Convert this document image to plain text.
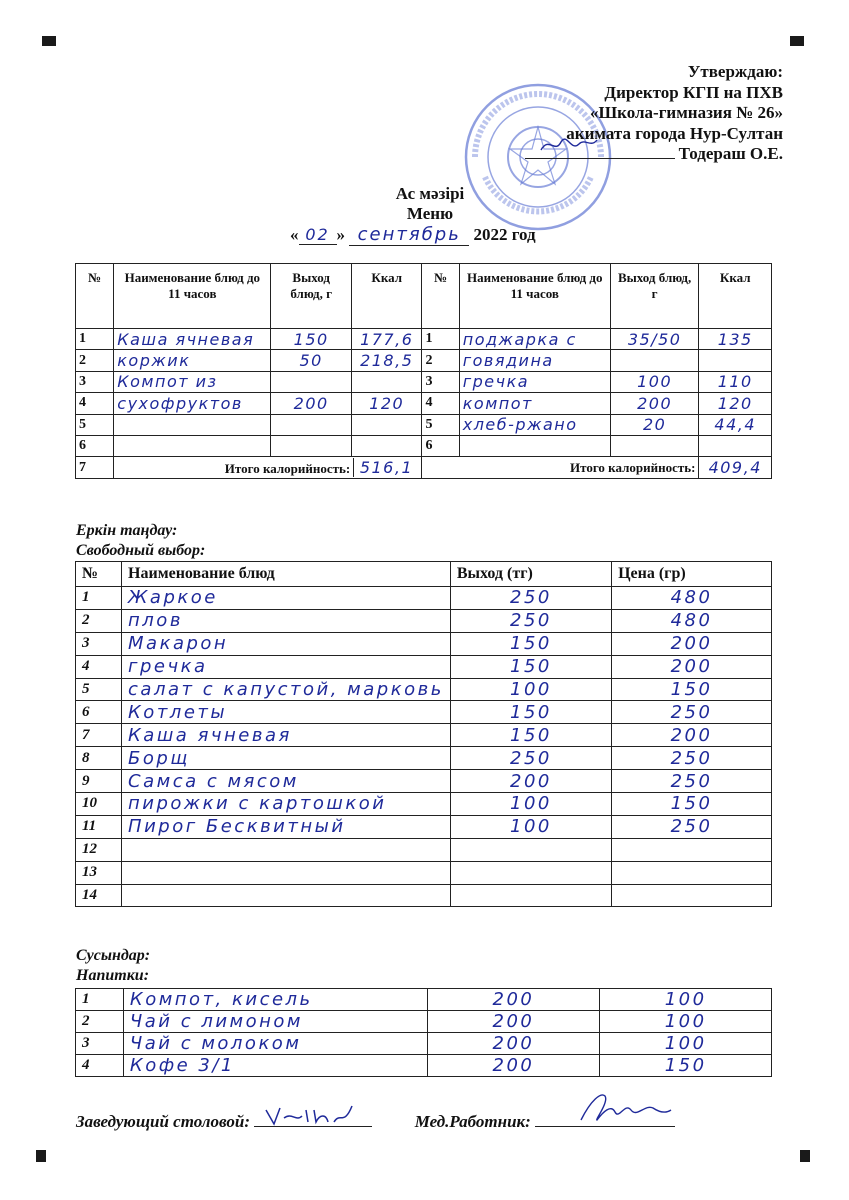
Утверждаю:
Директор КГП на ПХВ
«Школа-гимназия № 26»
акимата города Нур-Султан
Тодераш О.Е.
Ас мәзірі
Меню
« 02 » сентябрь 2022 год
№	Наименование блюд до 11 часов	Выход блюд, г	Ккал	№	Наименование блюд до 11 часов	Выход блюд, г	Ккал
1	Каша ячневая	150	177,6	1	поджарка с	35/50	135
2	коржик	50	218,5	2	говядина		
3	Компот из			3	гречка	100	110
4	сухофруктов	200	120	4	компот	200	120
5				5	хлеб-ржано	20	44,4
6				6			
7	Итого калорийность: 516,1			Итого калорийность:			409,4
Еркін таңдау:
Свободный выбор:
№	Наименование блюд	Выход (тг)	Цена (гр)
1	Жаркое	250	480
2	плов	250	480
3	Макарон	150	200
4	гречка	150	200
5	салат с капустой, марковь	100	150
6	Котлеты	150	250
7	Каша ячневая	150	200
8	Борщ	250	250
9	Самса с мясом	200	250
10	пирожки с картошкой	100	150
11	Пирог Бесквитный	100	250
12			
13			
14			
Сусындар:
Напитки:
1	Компот, кисель	200	100
2	Чай с лимоном	200	100
3	Чай с молоком	200	100
4	Кофе 3/1	200	150
Заведующий столовой:	Мед.Работник:
